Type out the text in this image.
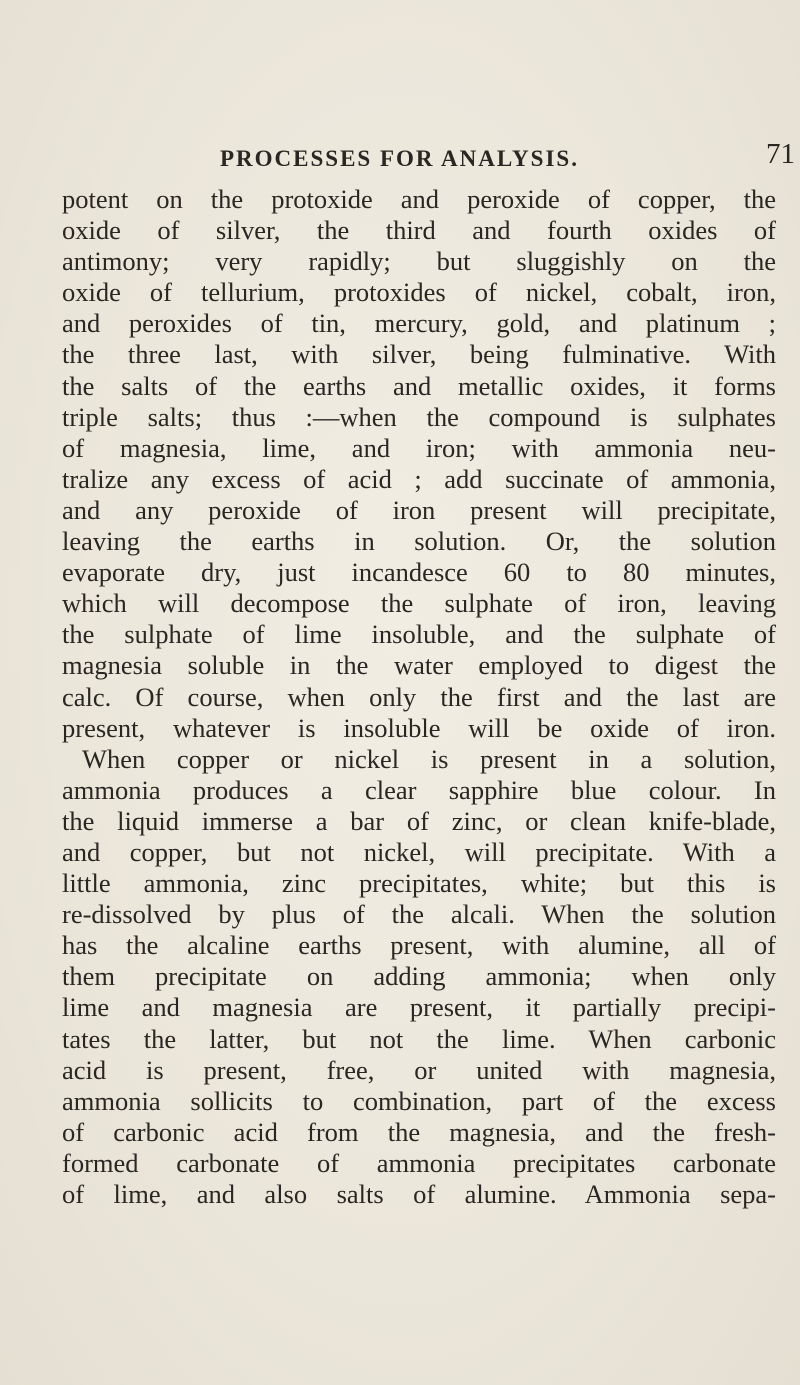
PROCESSES FOR ANALYSIS.	71
potent on the protoxide and peroxide of copper, the
oxide of silver, the third and fourth oxides of
antimony; very rapidly; but sluggishly on the
oxide of tellurium, protoxides of nickel, cobalt, iron,
and peroxides of tin, mercury, gold, and platinum ;
the three last, with silver, being fulminative. With
the salts of the earths and metallic oxides, it forms
triple salts; thus :—when the compound is sulphates
of magnesia, lime, and iron; with ammonia neu-
tralize any excess of acid ; add succinate of ammonia,
and any peroxide of iron present will precipitate,
leaving the earths in solution. Or, the solution
evaporate dry, just incandesce 60 to 80 minutes,
which will decompose the sulphate of iron, leaving
the sulphate of lime insoluble, and the sulphate of
magnesia soluble in the water employed to digest the
calc. Of course, when only the first and the last are
present, whatever is insoluble will be oxide of iron.
When copper or nickel is present in a solution,
ammonia produces a clear sapphire blue colour. In
the liquid immerse a bar of zinc, or clean knife-blade,
and copper, but not nickel, will precipitate. With a
little ammonia, zinc precipitates, white; but this is
re-dissolved by plus of the alcali. When the solution
has the alcaline earths present, with alumine, all of
them precipitate on adding ammonia; when only
lime and magnesia are present, it partially precipi-
tates the latter, but not the lime. When carbonic
acid is present, free, or united with magnesia,
ammonia sollicits to combination, part of the excess
of carbonic acid from the magnesia, and the fresh-
formed carbonate of ammonia precipitates carbonate
of lime, and also salts of alumine. Ammonia sepa-
